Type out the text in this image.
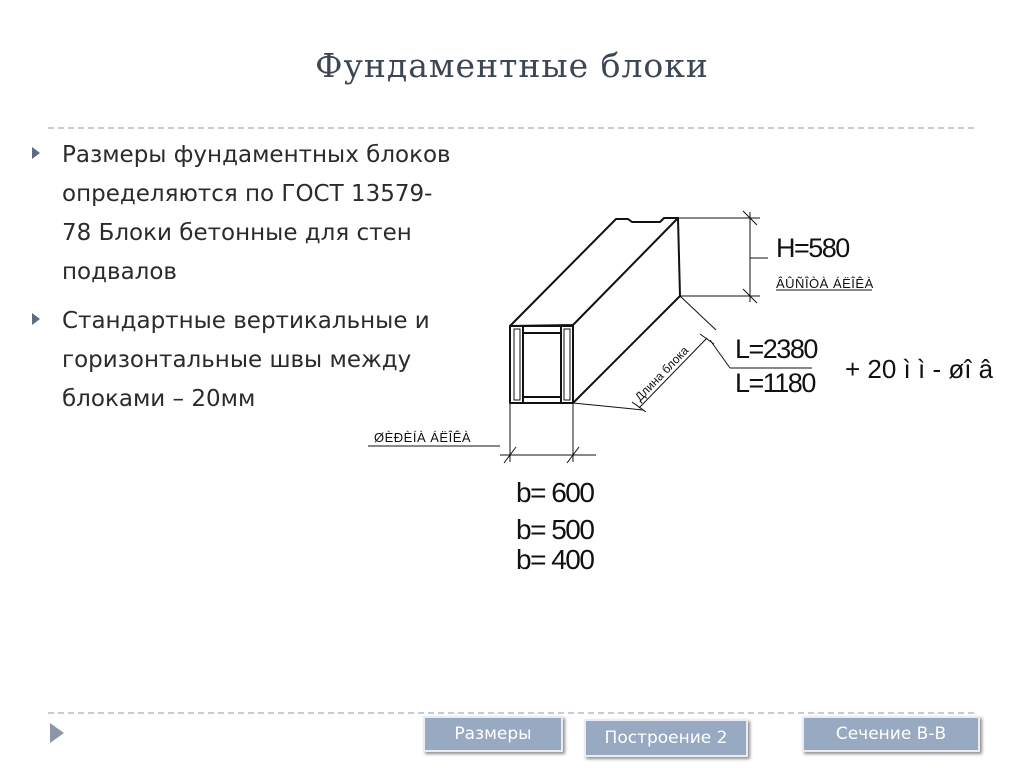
Фундаментные блоки
Размеры фундаментных блоков определяются по ГОСТ 13579-78 Блоки бетонные для стен подвалов
Стандартные вертикальные и горизонтальные швы между блоками – 20мм	Длина блока
H=580
ÂÛÑÎÒÀ ÁËÎÊÀ
L=2380
L=1180 + 20 ì ì - øî â
ØÈÐÈÍÀ ÁËÎÊÀ
b= 600
b= 500
b= 400
Размеры	Построение 2	Сечение В-В
